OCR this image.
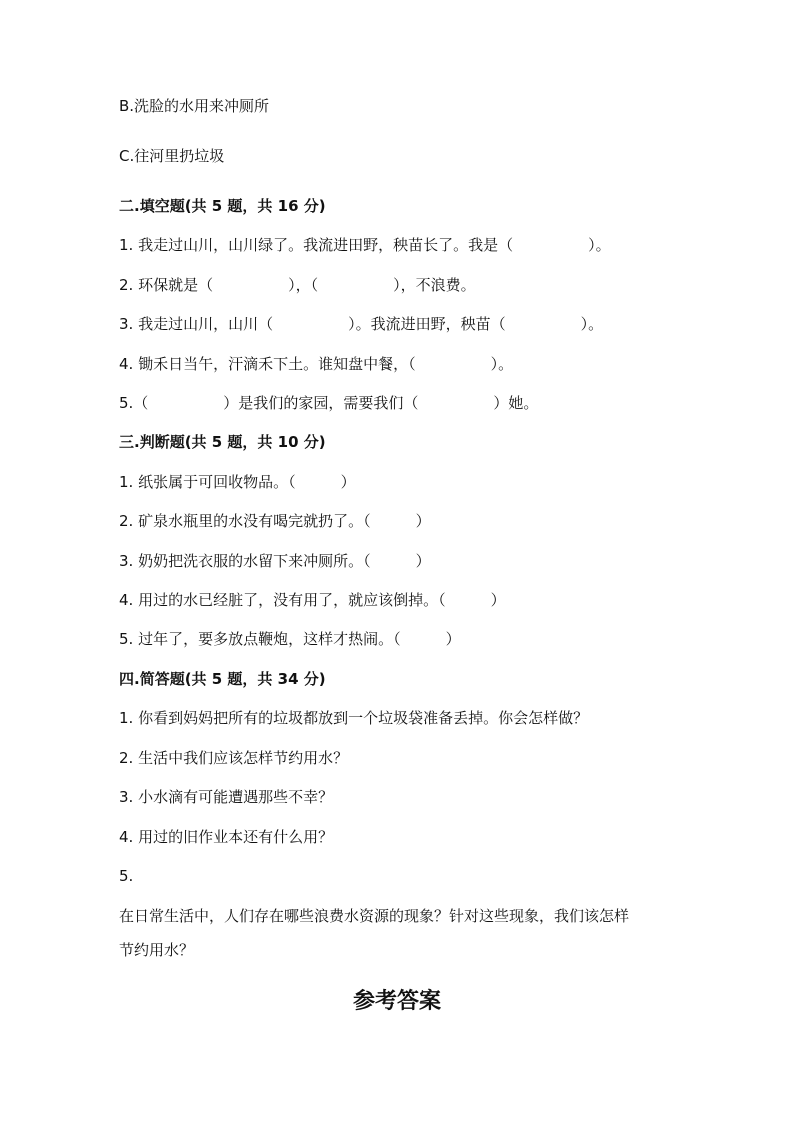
B.洗脸的水用来冲厕所
C.往河里扔垃圾
二.填空题(共 5 题，共 16 分)
1. 我走过山川，山川绿了。我流进田野，秧苗长了。我是（　　　　　）。
2. 环保就是（　　　　　），（　　　　　），不浪费。
3. 我走过山川，山川（　　　　　）。我流进田野，秧苗（　　　　　）。
4. 锄禾日当午，汗滴禾下土。谁知盘中餐，（　　　　　）。
5.（　　　　　）是我们的家园，需要我们（　　　　　）她。
三.判断题(共 5 题，共 10 分)
1. 纸张属于可回收物品。（　　　）
2. 矿泉水瓶里的水没有喝完就扔了。（　　　）
3. 奶奶把洗衣服的水留下来冲厕所。（　　　）
4. 用过的水已经脏了，没有用了，就应该倒掉。（　　　）
5. 过年了，要多放点鞭炮，这样才热闹。（　　　）
四.简答题(共 5 题，共 34 分)
1. 你看到妈妈把所有的垃圾都放到一个垃圾袋准备丢掉。你会怎样做？
2. 生活中我们应该怎样节约用水？
3. 小水滴有可能遭遇那些不幸？
4. 用过的旧作业本还有什么用？
5.
在日常生活中，人们存在哪些浪费水资源的现象？针对这些现象，我们该怎样
节约用水？
参考答案
